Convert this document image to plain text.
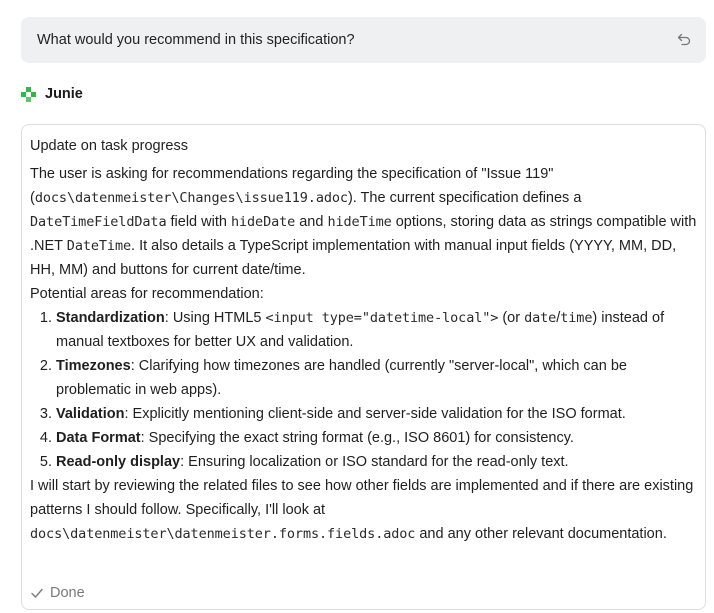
What would you recommend in this specification?
Junie

Update on task progress

The user is asking for recommendations regarding the specification of "Issue 119" (docs\datenmeister\Changes\issue119.adoc). The current specification defines a DateTimeFieldData field with hideDate and hideTime options, storing data as strings compatible with .NET DateTime. It also details a TypeScript implementation with manual input fields (YYYY, MM, DD, HH, MM) and buttons for current date/time.

Potential areas for recommendation:

1. Standardization: Using HTML5 <input type="datetime-local"> (or date/time) instead of manual textboxes for better UX and validation.
2. Timezones: Clarifying how timezones are handled (currently "server-local", which can be problematic in web apps).
3. Validation: Explicitly mentioning client-side and server-side validation for the ISO format.
4. Data Format: Specifying the exact string format (e.g., ISO 8601) for consistency.
5. Read-only display: Ensuring localization or ISO standard for the read-only text.

I will start by reviewing the related files to see how other fields are implemented and if there are existing patterns I should follow. Specifically, I'll look at docs\datenmeister\datenmeister.forms.fields.adoc and any other relevant documentation.

Done
